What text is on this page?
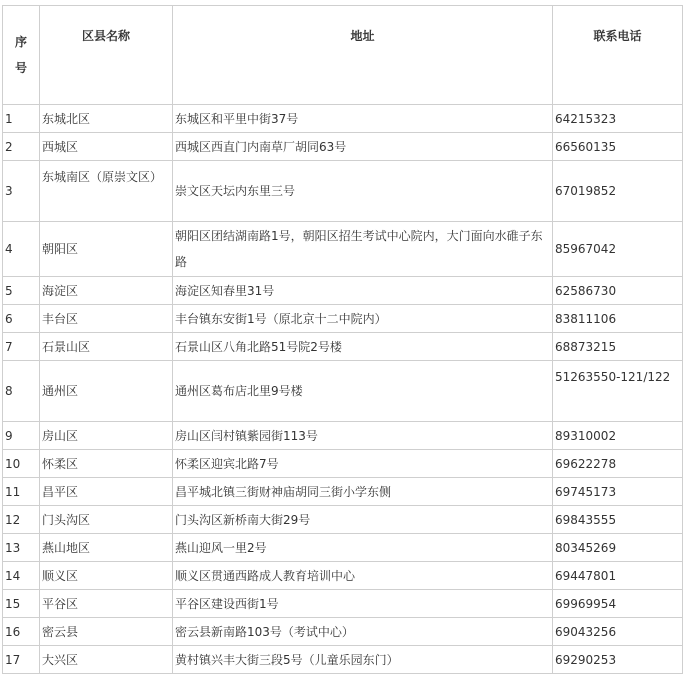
序
号	区县名称	地址	联系电话
1	东城北区	东城区和平里中街37号	64215323
2	西城区	西城区西直门内南草厂胡同63号	66560135
3	东城南区（原崇文区）	崇文区天坛内东里三号	67019852
4	朝阳区	朝阳区团结湖南路1号，朝阳区招生考试中心院内，大门面向水碓子东路	85967042
5	海淀区	海淀区知春里31号	62586730
6	丰台区	丰台镇东安街1号（原北京十二中院内）	83811106
7	石景山区	石景山区八角北路51号院2号楼	68873215
8	通州区	通州区葛布店北里9号楼	51263550-121/122
9	房山区	房山区闫村镇紫园街113号	89310002
10	怀柔区	怀柔区迎宾北路7号	69622278
11	昌平区	昌平城北镇三街财神庙胡同三街小学东侧	69745173
12	门头沟区	门头沟区新桥南大街29号	69843555
13	燕山地区	燕山迎风一里2号	80345269
14	顺义区	顺义区贯通西路成人教育培训中心	69447801
15	平谷区	平谷区建设西街1号	69969954
16	密云县	密云县新南路103号（考试中心）	69043256
17	大兴区	黄村镇兴丰大街三段5号（儿童乐园东门）	69290253
